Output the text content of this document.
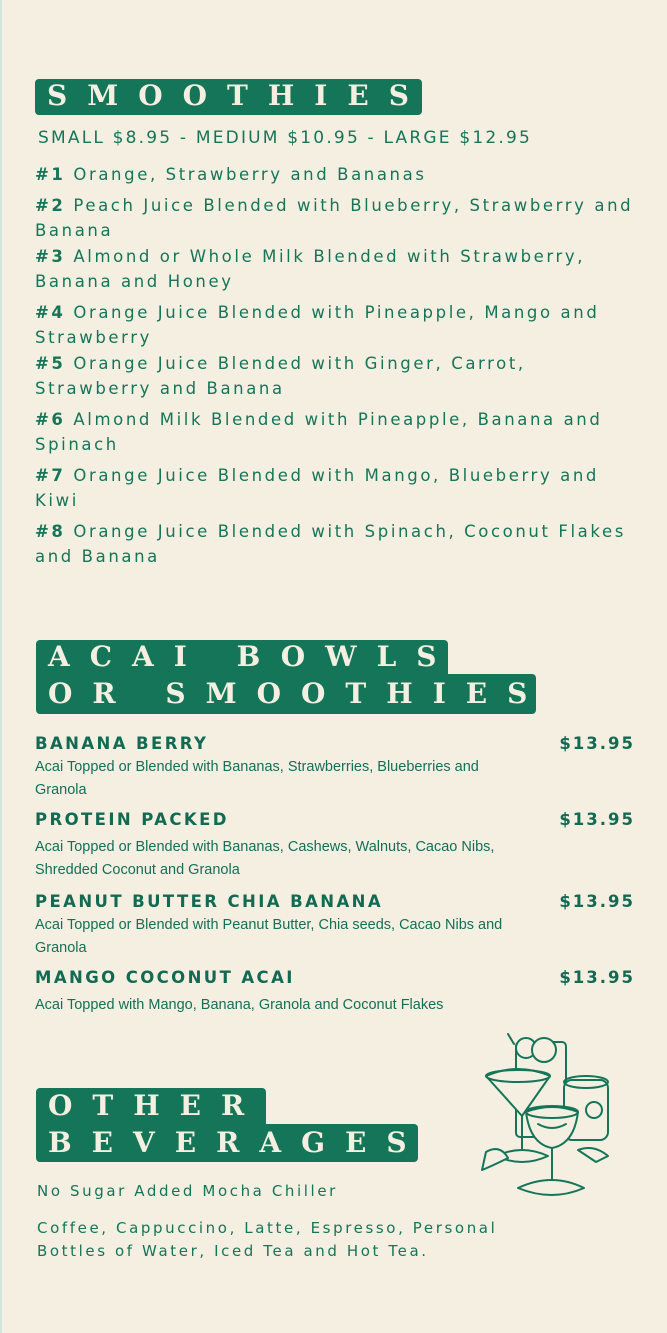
SMOOTHIES
SMALL $8.95 - MEDIUM $10.95 - LARGE $12.95
#1 Orange, Strawberry and Bananas
#2 Peach Juice Blended with Blueberry, Strawberry and Banana
#3 Almond or Whole Milk Blended with Strawberry, Banana and Honey
#4 Orange Juice Blended with Pineapple, Mango and Strawberry
#5 Orange Juice Blended with Ginger, Carrot, Strawberry and Banana
#6 Almond Milk Blended with Pineapple, Banana and Spinach
#7 Orange Juice Blended with Mango, Blueberry and Kiwi
#8 Orange Juice Blended with Spinach, Coconut Flakes and Banana
ACAI BOWLS
OR SMOOTHIES
BANANA BERRY	$13.95
Acai Topped or Blended with Bananas, Strawberries, Blueberries and Granola
PROTEIN PACKED	$13.95
Acai Topped or Blended with Bananas, Cashews, Walnuts, Cacao Nibs, Shredded Coconut and Granola
PEANUT BUTTER CHIA BANANA	$13.95
Acai Topped or Blended with Peanut Butter, Chia seeds, Cacao Nibs and Granola
MANGO COCONUT ACAI	$13.95
Acai Topped with Mango, Banana, Granola and Coconut Flakes
OTHER
BEVERAGES
No Sugar Added Mocha Chiller
Coffee, Cappuccino, Latte, Espresso, Personal Bottles of Water, Iced Tea and Hot Tea.
